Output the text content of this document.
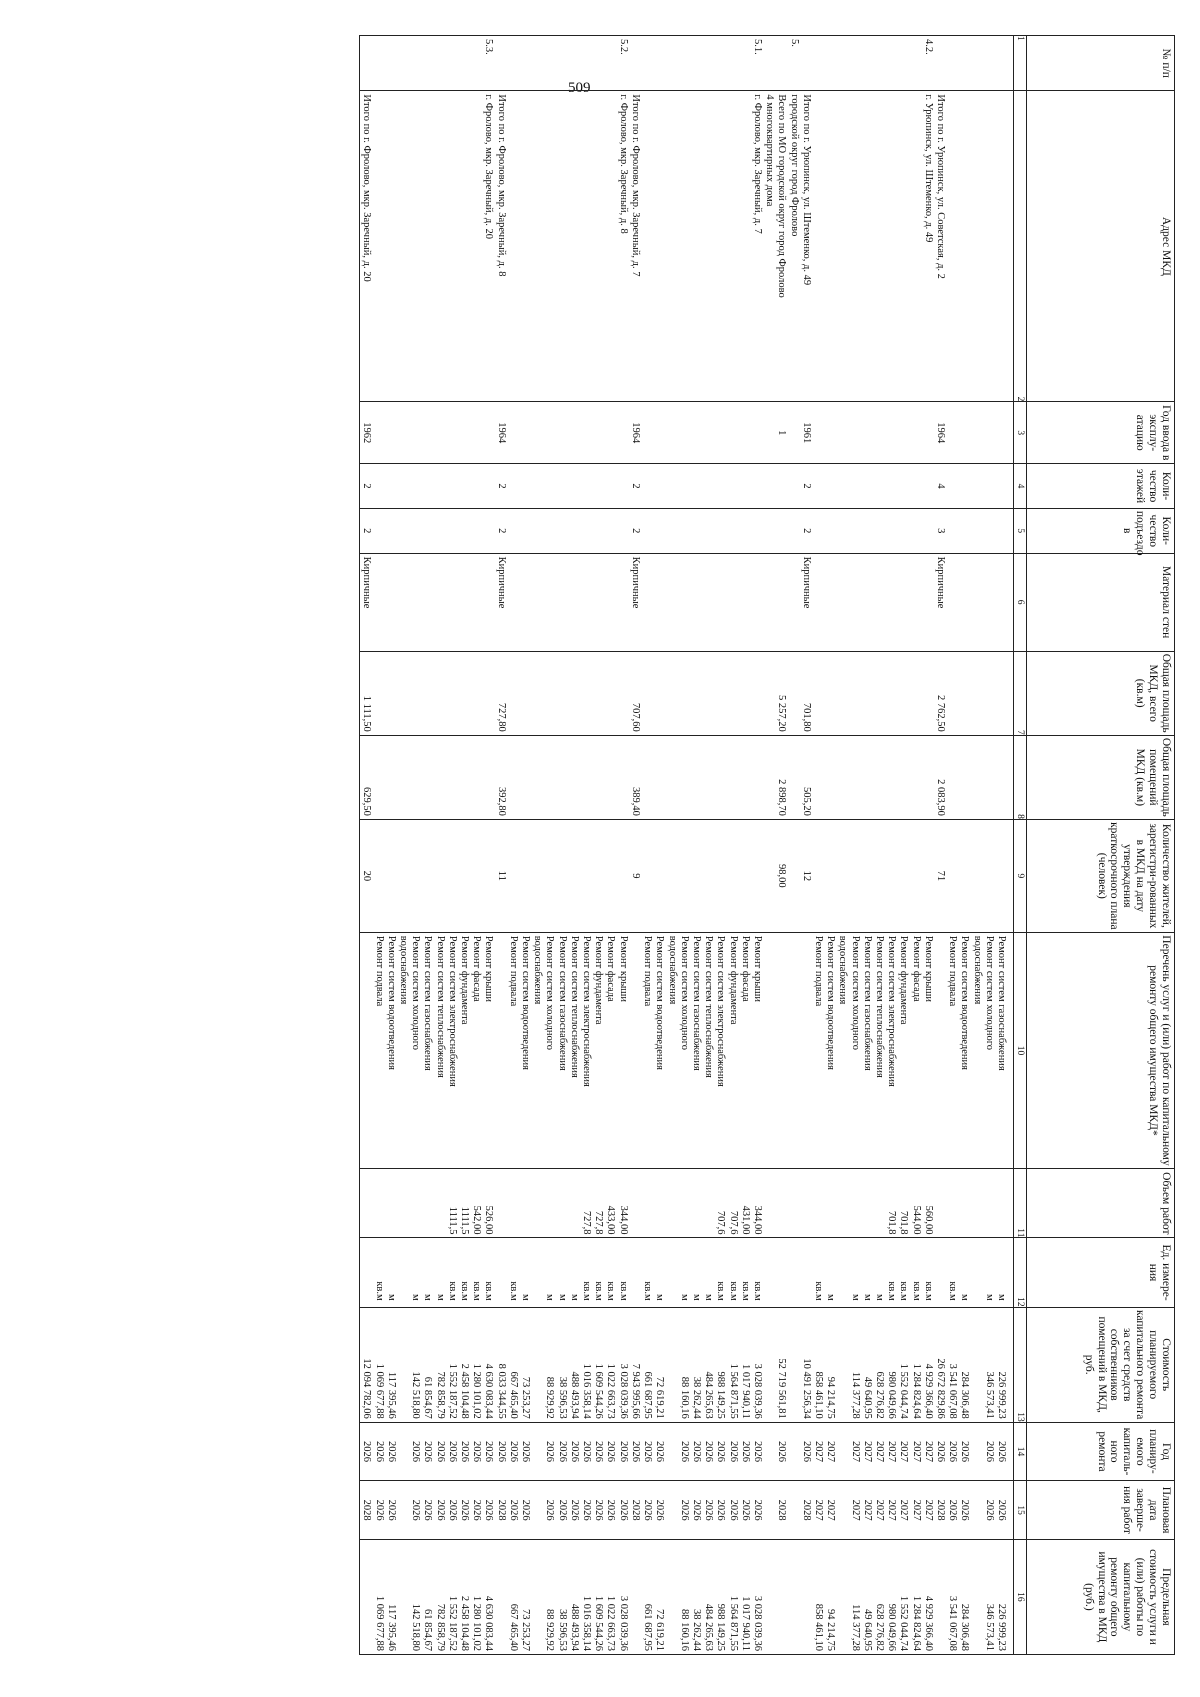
509
№ п/п	Адрес МКД	Год ввода в эксплу-атацию	Коли-чество этажей	Коли-чество подъездо в	Материал стен	Общая площадь МКД, всего (кв.м)	Общая площадь помещений МКД (кв.м)	Количество жителей, зарегистри-рованных в МКД на дату утверждения краткосрочного плана (человек)	Перечень услуг и (или) работ по капитальному ремонту общего имущества МКД*	Объем работ	Ед. измере-ния	Стоимость планируемого капитального ремонта за счет средств собственников помещений в МКД, руб.	Год планиру-емого капиталь-ного ремонта	Плановая дата заверше-ния работ	Предельная стоимость услуги и (или) работы по капитальному ремонту общего имущества в МКД (руб.)
1	2	3	4	5	6	7	8	9	10	11	12	13	14	15	16

									Ремонт систем газоснабжения		м	226 999,23	2026	2026	226 999,23
									Ремонт систем холодного		м	346 573,41	2026	2026	346 573,41
									водоснабжения						
									Ремонт систем водоотведения		м	284 306,48	2026	2026	284 306,48
									Ремонт подвала		кв.м	3 541 067,08	2026	2026	3 541 067,08
	Итого по г. Урюпинск, ул. Советская, д. 2	1964	4	3	Кирпичные	2 762,50	2 083,90	71				26 672 829,86	2026	2028	
4.2.	г. Урюпинск, ул. Штеменко, д. 49								Ремонт крыши	560,00	кв.м	4 929 366,40	2027	2027	4 929 366,40
									Ремонт фасада	544,00	кв.м	1 284 824,64	2027	2027	1 284 824,64
									Ремонт фундамента	701,8	кв.м	1 552 044,74	2027	2027	1 552 044,74
									Ремонт систем электроснабжения	701,8	кв.м	980 049,66	2027	2027	980 049,66
									Ремонт систем теплоснабжения		м	628 276,82	2027	2027	628 276,82
									Ремонт систем газоснабжения		м	49 640,95	2027	2027	49 640,95
									Ремонт систем холодного		м	114 377,28	2027	2027	114 377,28
									водоснабжения						
									Ремонт систем водоотведения		м	94 214,75	2027	2027	94 214,75
									Ремонт подвала		кв.м	858 461,10	2027	2027	858 461,10
	Итого по г. Урюпинск, ул. Штеменко, д. 49	1961	2	2	Кирпичные	701,80	505,20	12				10 491 256,34	2026	2028	
5.	городской округ город Фролово														
	Всего по МО городской округ город Фролово	1				5 257,20	2 898,70	98,00				52 719 561,81	2026	2028	
	4 многоквартирных дома														
5.1.	г. Фролово, мкр. Заречный, д. 7								Ремонт крыши	344,00	кв.м	3 028 039,36	2026	2026	3 028 039,36
									Ремонт фасада	431,00	кв.м	1 017 940,11	2026	2026	1 017 940,11
									Ремонт фундамента	707,6	кв.м	1 564 871,55	2026	2026	1 564 871,55
									Ремонт систем электроснабжения	707,6	кв.м	988 149,25	2026	2026	988 149,25
									Ремонт систем теплоснабжения		м	484 265,63	2026	2026	484 265,63
									Ремонт систем газоснабжения		м	38 262,44	2026	2026	38 262,44
									Ремонт систем холодного		м	88 160,16	2026	2026	88 160,16
									водоснабжения						
									Ремонт систем водоотведения		м	72 619,21	2026	2026	72 619,21
									Ремонт подвала		кв.м	661 687,95	2026	2026	661 687,95
	Итого по г. Фролово, мкр. Заречный, д. 7	1964	2	2	Кирпичные	707,60	389,40	9				7 943 995,66	2026	2028	
5.2.	г. Фролово, мкр. Заречный, д. 8								Ремонт крыши	344,00	кв.м	3 028 039,36	2026	2026	3 028 039,36
									Ремонт фасада	433,00	кв.м	1 022 663,73	2026	2026	1 022 663,73
									Ремонт фундамента	727,8	кв.м	1 609 544,26	2026	2026	1 609 544,26
									Ремонт систем электроснабжения	727,8	кв.м	1 016 358,14	2026	2026	1 016 358,14
									Ремонт систем теплоснабжения		м	488 493,94	2026	2026	488 493,94
									Ремонт систем газоснабжения		м	38 596,53	2026	2026	38 596,53
									Ремонт систем холодного		м	88 929,92	2026	2026	88 929,92
									водоснабжения						
									Ремонт систем водоотведения		м	73 253,27	2026	2026	73 253,27
									Ремонт подвала		кв.м	667 465,40	2026	2026	667 465,40
	Итого по г. Фролово, мкр. Заречный, д. 8	1964	2	2	Кирпичные	727,80	392,80	11				8 033 344,55	2026	2028	
5.3.	г. Фролово, мкр. Заречный, д. 20								Ремонт крыши	526,00	кв.м	4 630 083,44	2026	2026	4 630 083,44
									Ремонт фасада	542,00	кв.м	1 280 101,02	2026	2026	1 280 101,02
									Ремонт фундамента	1111,5	кв.м	2 458 104,48	2026	2026	2 458 104,48
									Ремонт систем электроснабжения	1111,5	кв.м	1 552 187,52	2026	2026	1 552 187,52
									Ремонт систем теплоснабжения		м	782 858,79	2026	2026	782 858,79
									Ремонт систем газоснабжения		м	61 854,67	2026	2026	61 854,67
									Ремонт систем холодного		м	142 518,80	2026	2026	142 518,80
									водоснабжения						
									Ремонт систем водоотведения		м	117 395,46	2026	2026	117 395,46
									Ремонт подвала		кв.м	1 069 677,88	2026	2026	1 069 677,88
	Итого по г. Фролово, мкр. Заречный, д. 20	1962	2	2	Кирпичные	1 111,50	629,50	20				12 094 782,06	2026	2028	
